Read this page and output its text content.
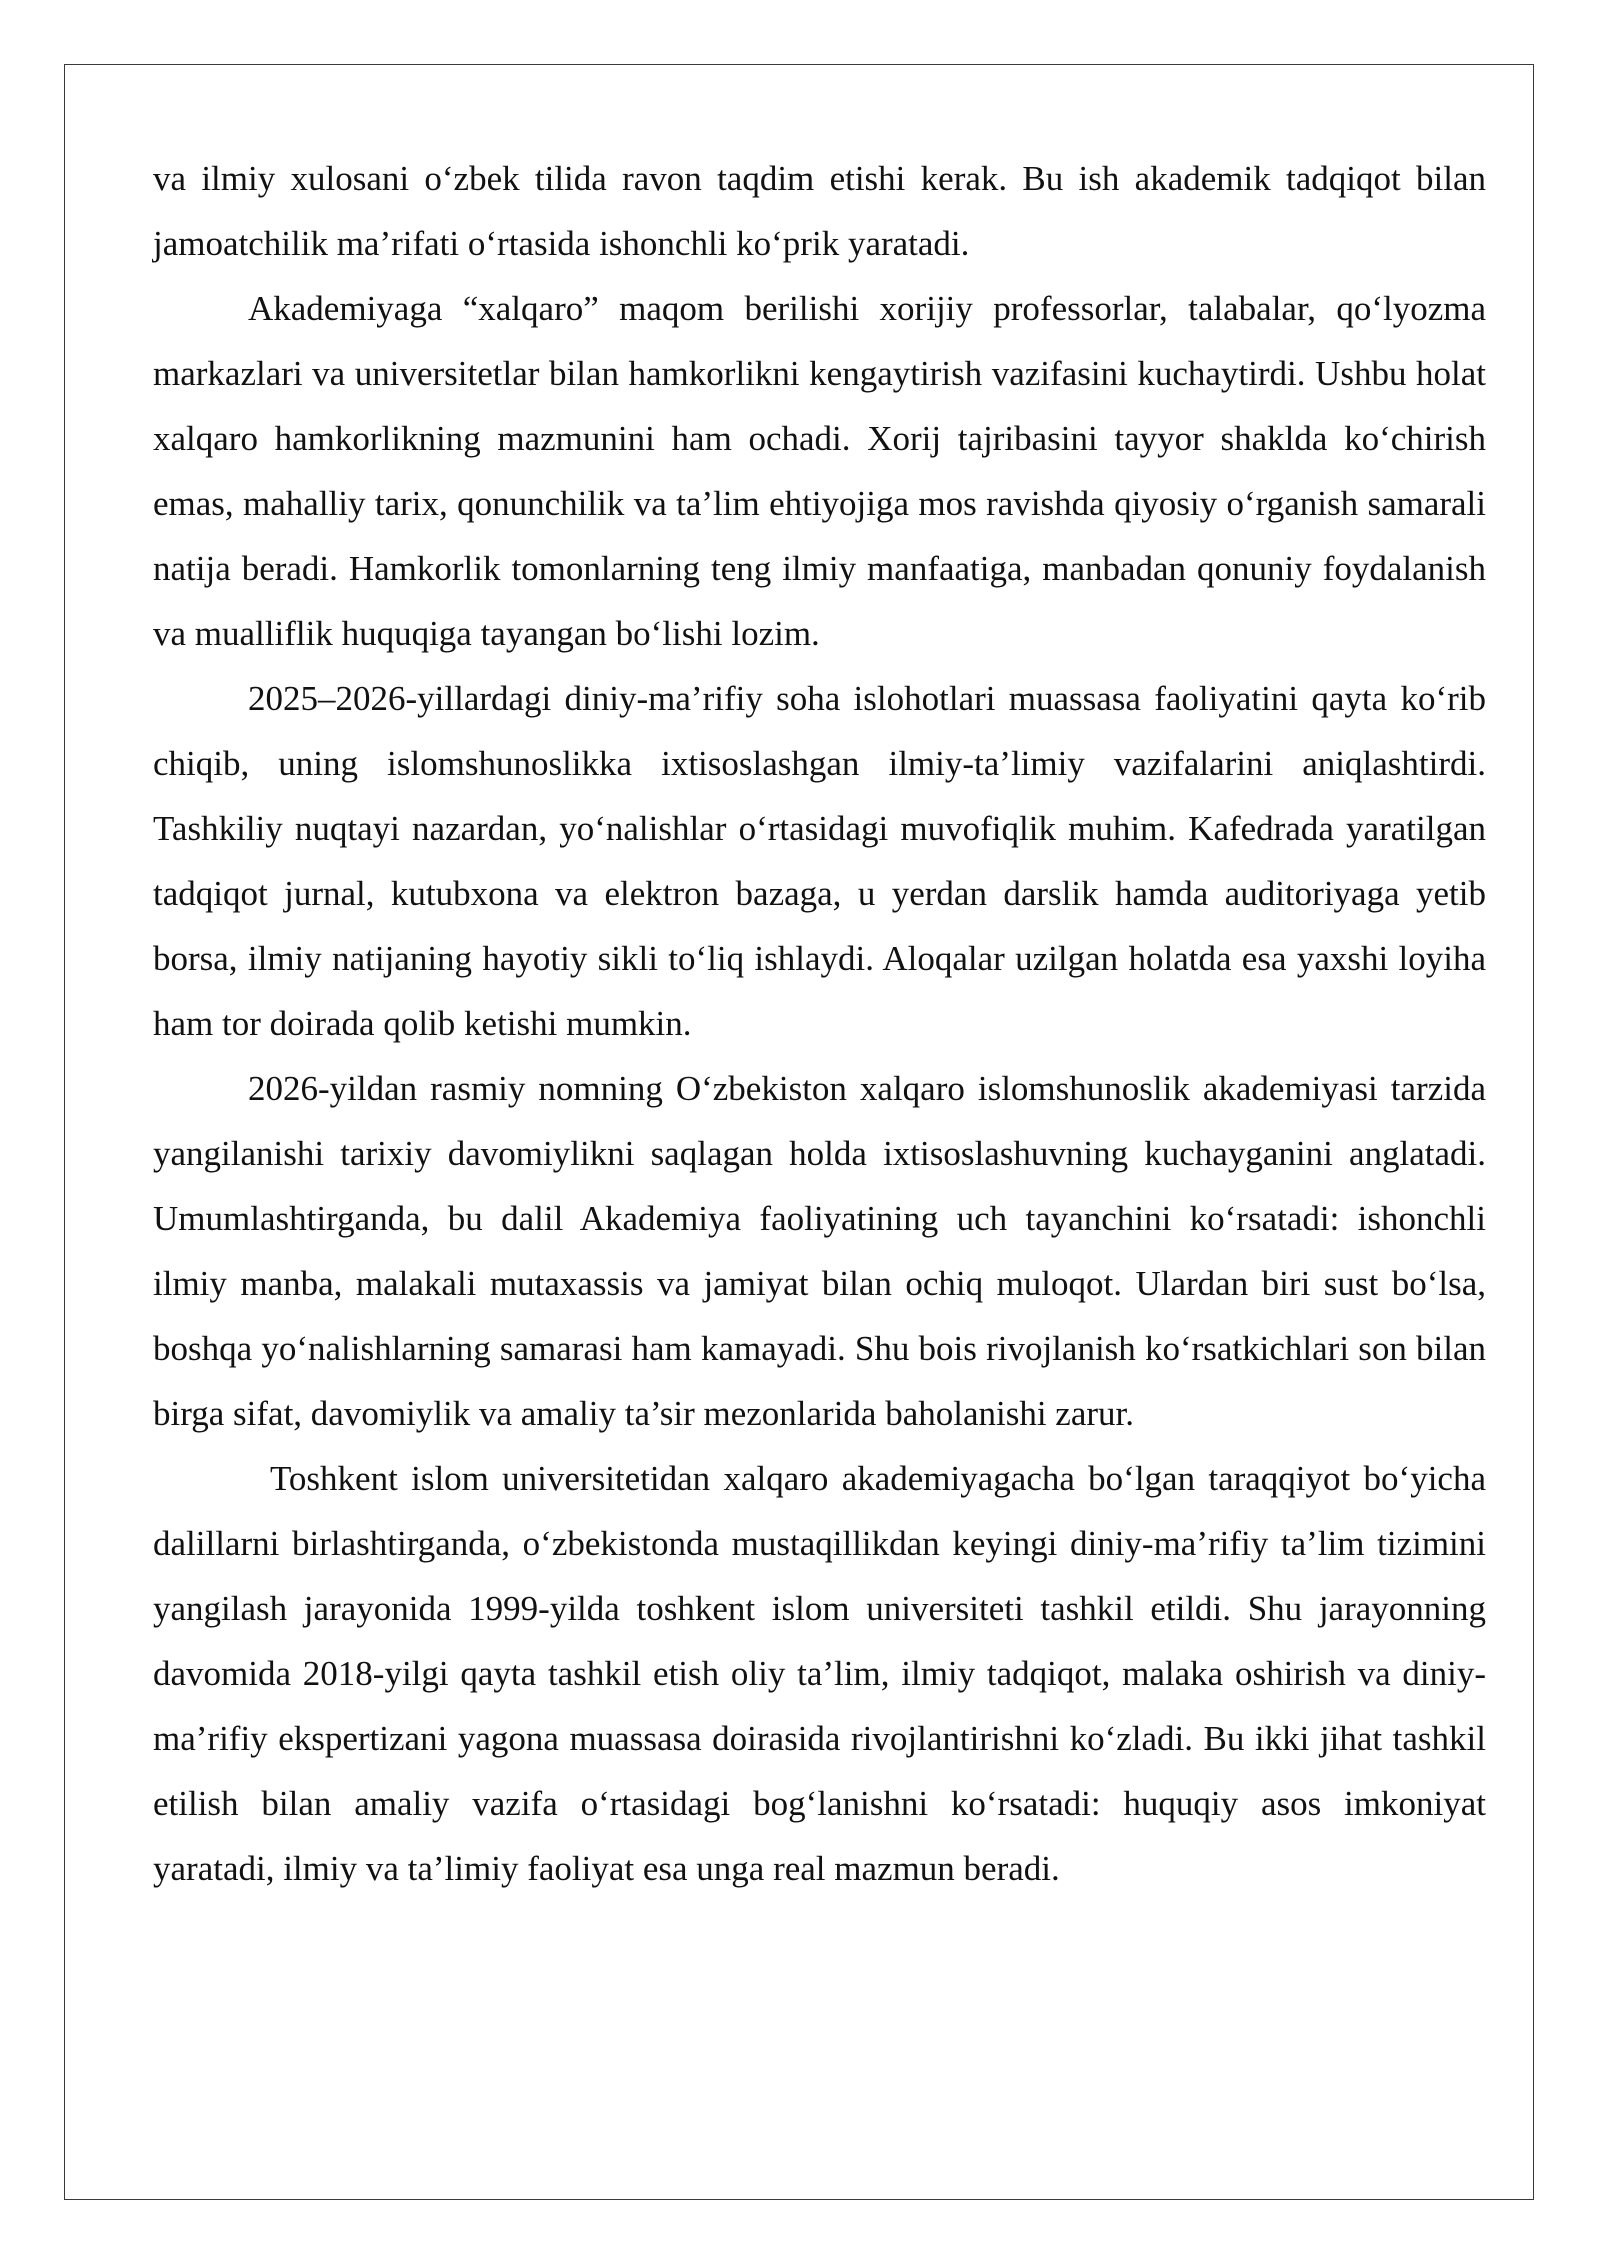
va ilmiy xulosani o‘zbek tilida ravon taqdim etishi kerak. Bu ish akademik tadqiqot bilan jamoatchilik ma’rifati o‘rtasida ishonchli ko‘prik yaratadi.

Akademiyaga “xalqaro” maqom berilishi xorijiy professorlar, talabalar, qo‘lyozma markazlari va universitetlar bilan hamkorlikni kengaytirish vazifasini kuchaytirdi. Ushbu holat xalqaro hamkorlikning mazmunini ham ochadi. Xorij tajribasini tayyor shaklda ko‘chirish emas, mahalliy tarix, qonunchilik va ta’lim ehtiyojiga mos ravishda qiyosiy o‘rganish samarali natija beradi. Hamkorlik tomonlarning teng ilmiy manfaatiga, manbadan qonuniy foydalanish va mualliflik huquqiga tayangan bo‘lishi lozim.

2025–2026-yillardagi diniy-ma’rifiy soha islohotlari muassasa faoliyatini qayta ko‘rib chiqib, uning islomshunoslikka ixtisoslashgan ilmiy-ta’limiy vazifalarini aniqlashtirdi. Tashkiliy nuqtayi nazardan, yo‘nalishlar o‘rtasidagi muvofiqlik muhim. Kafedrada yaratilgan tadqiqot jurnal, kutubxona va elektron bazaga, u yerdan darslik hamda auditoriyaga yetib borsa, ilmiy natijaning hayotiy sikli to‘liq ishlaydi. Aloqalar uzilgan holatda esa yaxshi loyiha ham tor doirada qolib ketishi mumkin.

2026-yildan rasmiy nomning O‘zbekiston xalqaro islomshunoslik akademiyasi tarzida yangilanishi tarixiy davomiylikni saqlagan holda ixtisoslashuvning kuchayganini anglatadi. Umumlashtirganda, bu dalil Akademiya faoliyatining uch tayanchini ko‘rsatadi: ishonchli ilmiy manba, malakali mutaxassis va jamiyat bilan ochiq muloqot. Ulardan biri sust bo‘lsa, boshqa yo‘nalishlarning samarasi ham kamayadi. Shu bois rivojlanish ko‘rsatkichlari son bilan birga sifat, davomiylik va amaliy ta’sir mezonlarida baholanishi zarur.

Toshkent islom universitetidan xalqaro akademiyagacha bo‘lgan taraqqiyot bo‘yicha dalillarni birlashtirganda, o‘zbekistonda mustaqillikdan keyingi diniy-ma’rifiy ta’lim tizimini yangilash jarayonida 1999-yilda toshkent islom universiteti tashkil etildi. Shu jarayonning davomida 2018-yilgi qayta tashkil etish oliy ta’lim, ilmiy tadqiqot, malaka oshirish va diniy-ma’rifiy ekspertizani yagona muassasa doirasida rivojlantirishni ko‘zladi. Bu ikki jihat tashkil etilish bilan amaliy vazifa o‘rtasidagi bog‘lanishni ko‘rsatadi: huquqiy asos imkoniyat yaratadi, ilmiy va ta’limiy faoliyat esa unga real mazmun beradi.
